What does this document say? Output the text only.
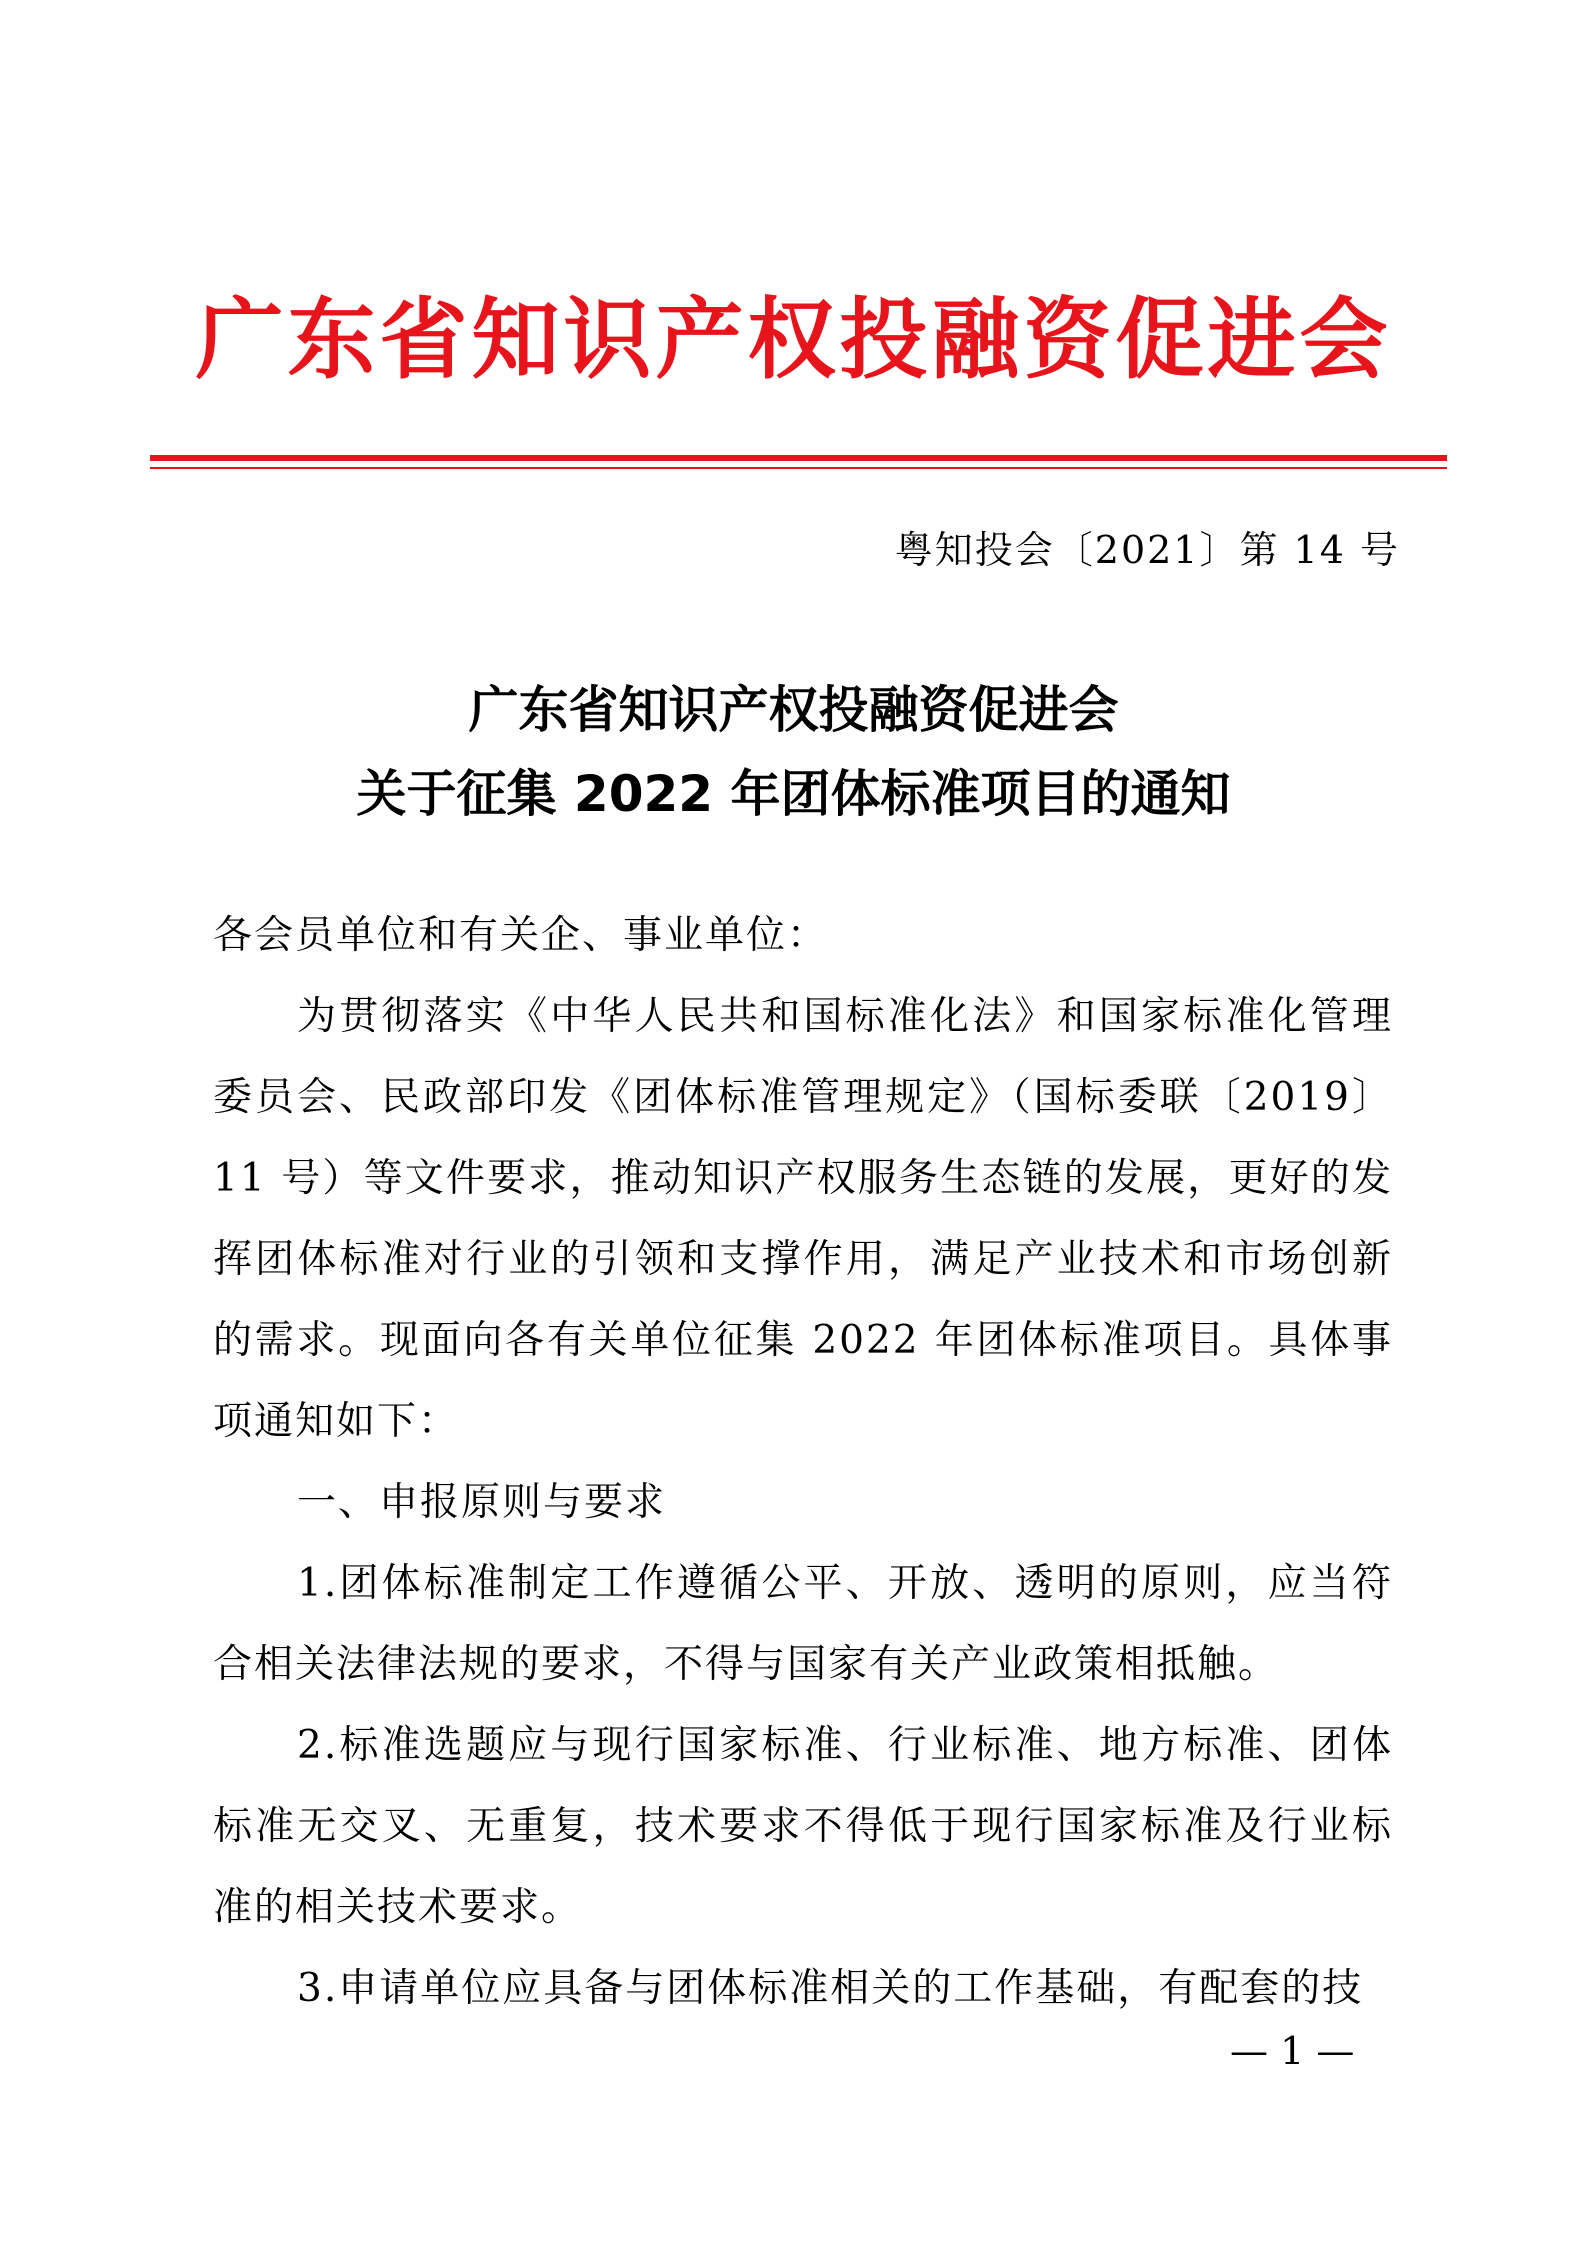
广东省知识产权投融资促进会
粤知投会〔2021〕第 14 号
广东省知识产权投融资促进会
关于征集 2022 年团体标准项目的通知

各会员单位和有关企、事业单位：

为贯彻落实《中华人民共和国标准化法》和国家标准化管理委员会、民政部印发《团体标准管理规定》（国标委联〔2019〕11 号）等文件要求，推动知识产权服务生态链的发展，更好的发挥团体标准对行业的引领和支撑作用，满足产业技术和市场创新的需求。现面向各有关单位征集 2022 年团体标准项目。具体事项通知如下：

一、申报原则与要求

1.团体标准制定工作遵循公平、开放、透明的原则，应当符合相关法律法规的要求，不得与国家有关产业政策相抵触。

2.标准选题应与现行国家标准、行业标准、地方标准、团体标准无交叉、无重复，技术要求不得低于现行国家标准及行业标准的相关技术要求。

3.申请单位应具备与团体标准相关的工作基础，有配套的技

— 1 —
